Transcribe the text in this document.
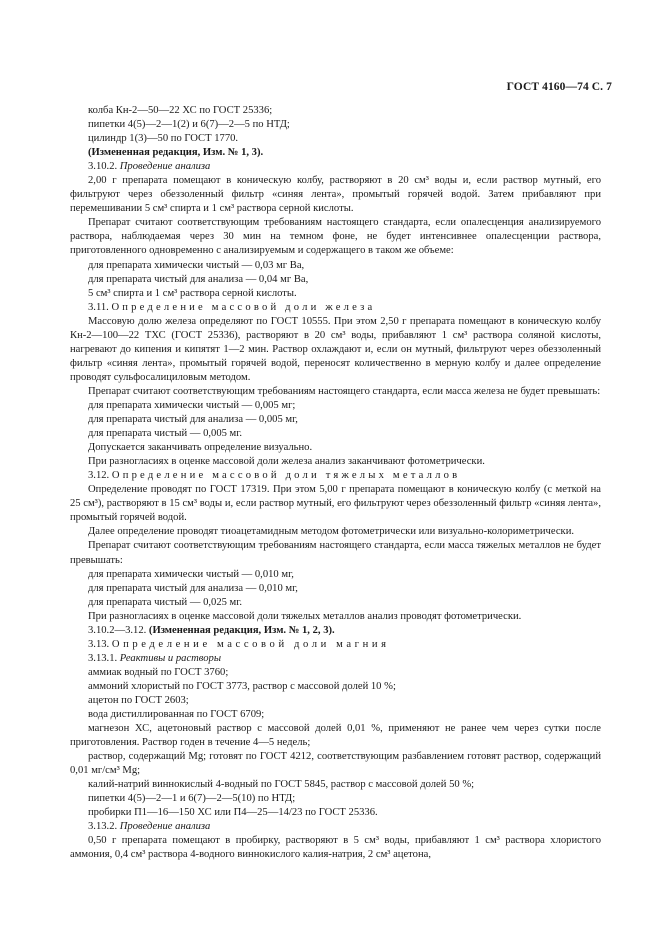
ГОСТ 4160—74 С. 7

колба Кн-2—50—22 ХС по ГОСТ 25336;

пипетки 4(5)—2—1(2) и 6(7)—2—5 по НТД;

цилиндр 1(3)—50 по ГОСТ 1770.

(Измененная редакция, Изм. № 1, 3).

3.10.2. Проведение анализа

2,00 г препарата помещают в коническую колбу, растворяют в 20 см³ воды и, если раствор мутный, его фильтруют через обеззоленный фильтр «синяя лента», промытый горячей водой. Затем прибавляют при перемешивании 5 см³ спирта и 1 см³ раствора серной кислоты.

Препарат считают соответствующим требованиям настоящего стандарта, если опалесценция анализируемого раствора, наблюдаемая через 30 мин на темном фоне, не будет интенсивнее опалесценции раствора, приготовленного одновременно с анализируемым и содержащего в таком же объеме:

для препарата химически чистый — 0,03 мг Ва,

для препарата чистый для анализа — 0,04 мг Ва,

5 см³ спирта и 1 см³ раствора серной кислоты.

3.11. Определение массовой доли железа

Массовую долю железа определяют по ГОСТ 10555. При этом 2,50 г препарата помещают в коническую колбу Кн-2—100—22 ТХС (ГОСТ 25336), растворяют в 20 см³ воды, прибавляют 1 см³ раствора соляной кислоты, нагревают до кипения и кипятят 1—2 мин. Раствор охлаждают и, если он мутный, фильтруют через обеззоленный фильтр «синяя лента», промытый горячей водой, переносят количественно в мерную колбу и далее определение проводят сульфосалициловым методом.

Препарат считают соответствующим требованиям настоящего стандарта, если масса железа не будет превышать:

для препарата химически чистый — 0,005 мг;

для препарата чистый для анализа — 0,005 мг,

для препарата чистый — 0,005 мг.

Допускается заканчивать определение визуально.

При разногласиях в оценке массовой доли железа анализ заканчивают фотометрически.

3.12. Определение массовой доли тяжелых металлов

Определение проводят по ГОСТ 17319. При этом 5,00 г препарата помещают в коническую колбу (с меткой на 25 см³), растворяют в 15 см³ воды и, если раствор мутный, его фильтруют через обеззоленный фильтр «синяя лента», промытый горячей водой.

Далее определение проводят тиоацетамидным методом фотометрически или визуально-колориметрически.

Препарат считают соответствующим требованиям настоящего стандарта, если масса тяжелых металлов не будет превышать:

для препарата химически чистый — 0,010 мг,

для препарата чистый для анализа — 0,010 мг,

для препарата чистый — 0,025 мг.

При разногласиях в оценке массовой доли тяжелых металлов анализ проводят фотометрически.

3.10.2—3.12. (Измененная редакция, Изм. № 1, 2, 3).

3.13. Определение массовой доли магния

3.13.1. Реактивы и растворы

аммиак водный по ГОСТ 3760;

аммоний хлористый по ГОСТ 3773, раствор с массовой долей 10 %;

ацетон по ГОСТ 2603;

вода дистиллированная по ГОСТ 6709;

магнезон ХС, ацетоновый раствор с массовой долей 0,01 %, применяют не ранее чем через сутки после приготовления. Раствор годен в течение 4—5 недель;

раствор, содержащий Mg; готовят по ГОСТ 4212, соответствующим разбавлением готовят раствор, содержащий 0,01 мг/см³ Mg;

калий-натрий виннокислый 4-водный по ГОСТ 5845, раствор с массовой долей 50 %;

пипетки 4(5)—2—1 и 6(7)—2—5(10) по НТД;

пробирки П1—16—150 ХС или П4—25—14/23 по ГОСТ 25336.

3.13.2. Проведение анализа

0,50 г препарата помещают в пробирку, растворяют в 5 см³ воды, прибавляют 1 см³ раствора хлористого аммония, 0,4 см³ раствора 4-водного виннокислого калия-натрия, 2 см³ ацетона,
